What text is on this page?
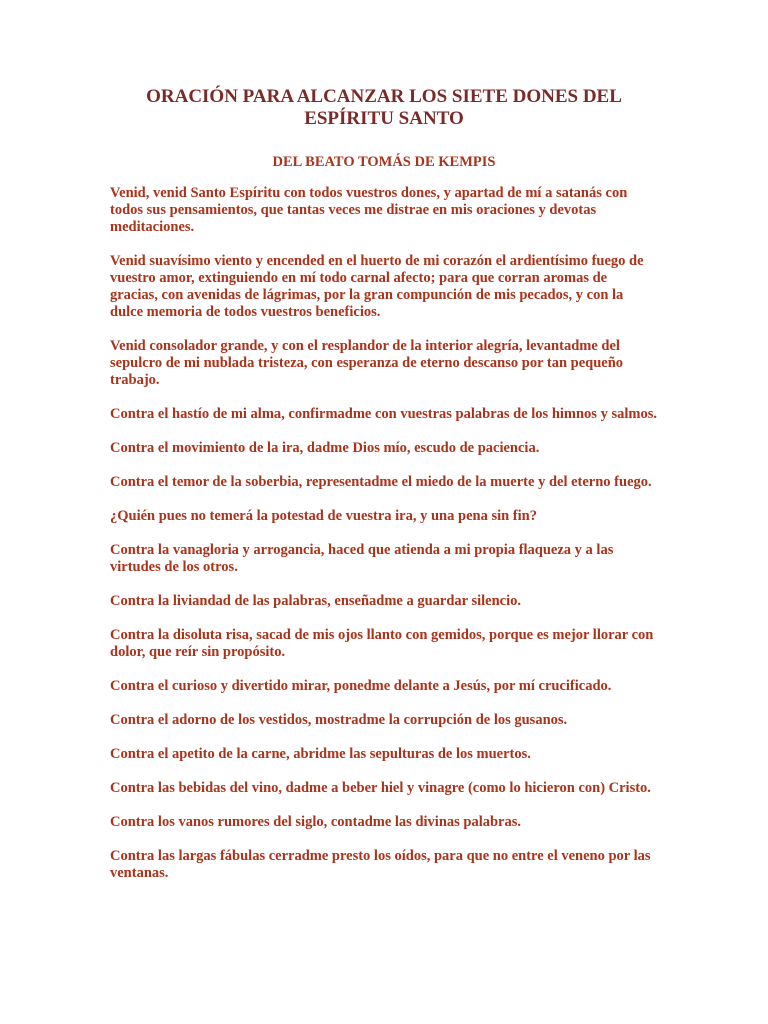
ORACIÓN PARA ALCANZAR LOS SIETE DONES DEL ESPÍRITU SANTO
DEL BEATO TOMÁS DE KEMPIS

Venid, venid Santo Espíritu con todos vuestros dones, y apartad de mí a satanás con todos sus pensamientos, que tantas veces me distrae en mis oraciones y devotas meditaciones.

Venid suavísimo viento y encended en el huerto de mi corazón el ardientísimo fuego de vuestro amor, extinguiendo en mí todo carnal afecto; para que corran aromas de gracias, con avenidas de lágrimas, por la gran compunción de mis pecados, y con la dulce memoria de todos vuestros beneficios.

Venid consolador grande, y con el resplandor de la interior alegría, levantadme del sepulcro de mi nublada tristeza, con esperanza de eterno descanso por tan pequeño trabajo.

Contra el hastío de mi alma, confirmadme con vuestras palabras de los himnos y salmos.

Contra el movimiento de la ira, dadme Dios mío, escudo de paciencia.

Contra el temor de la soberbia, representadme el miedo de la muerte y del eterno fuego.

¿Quién pues no temerá la potestad de vuestra ira, y una pena sin fin?

Contra la vanagloria y arrogancia, haced que atienda a mi propia flaqueza y a las virtudes de los otros.

Contra la liviandad de las palabras, enseñadme a guardar silencio.

Contra la disoluta risa, sacad de mis ojos llanto con gemidos, porque es mejor llorar con dolor, que reír sin propósito.

Contra el curioso y divertido mirar, ponedme delante a Jesús, por mí crucificado.

Contra el adorno de los vestidos, mostradme la corrupción de los gusanos.

Contra el apetito de la carne, abridme las sepulturas de los muertos.

Contra las bebidas del vino, dadme a beber hiel y vinagre (como lo hicieron con) Cristo.

Contra los vanos rumores del siglo, contadme las divinas palabras.

Contra las largas fábulas cerradme presto los oídos, para que no entre el veneno por las ventanas.
